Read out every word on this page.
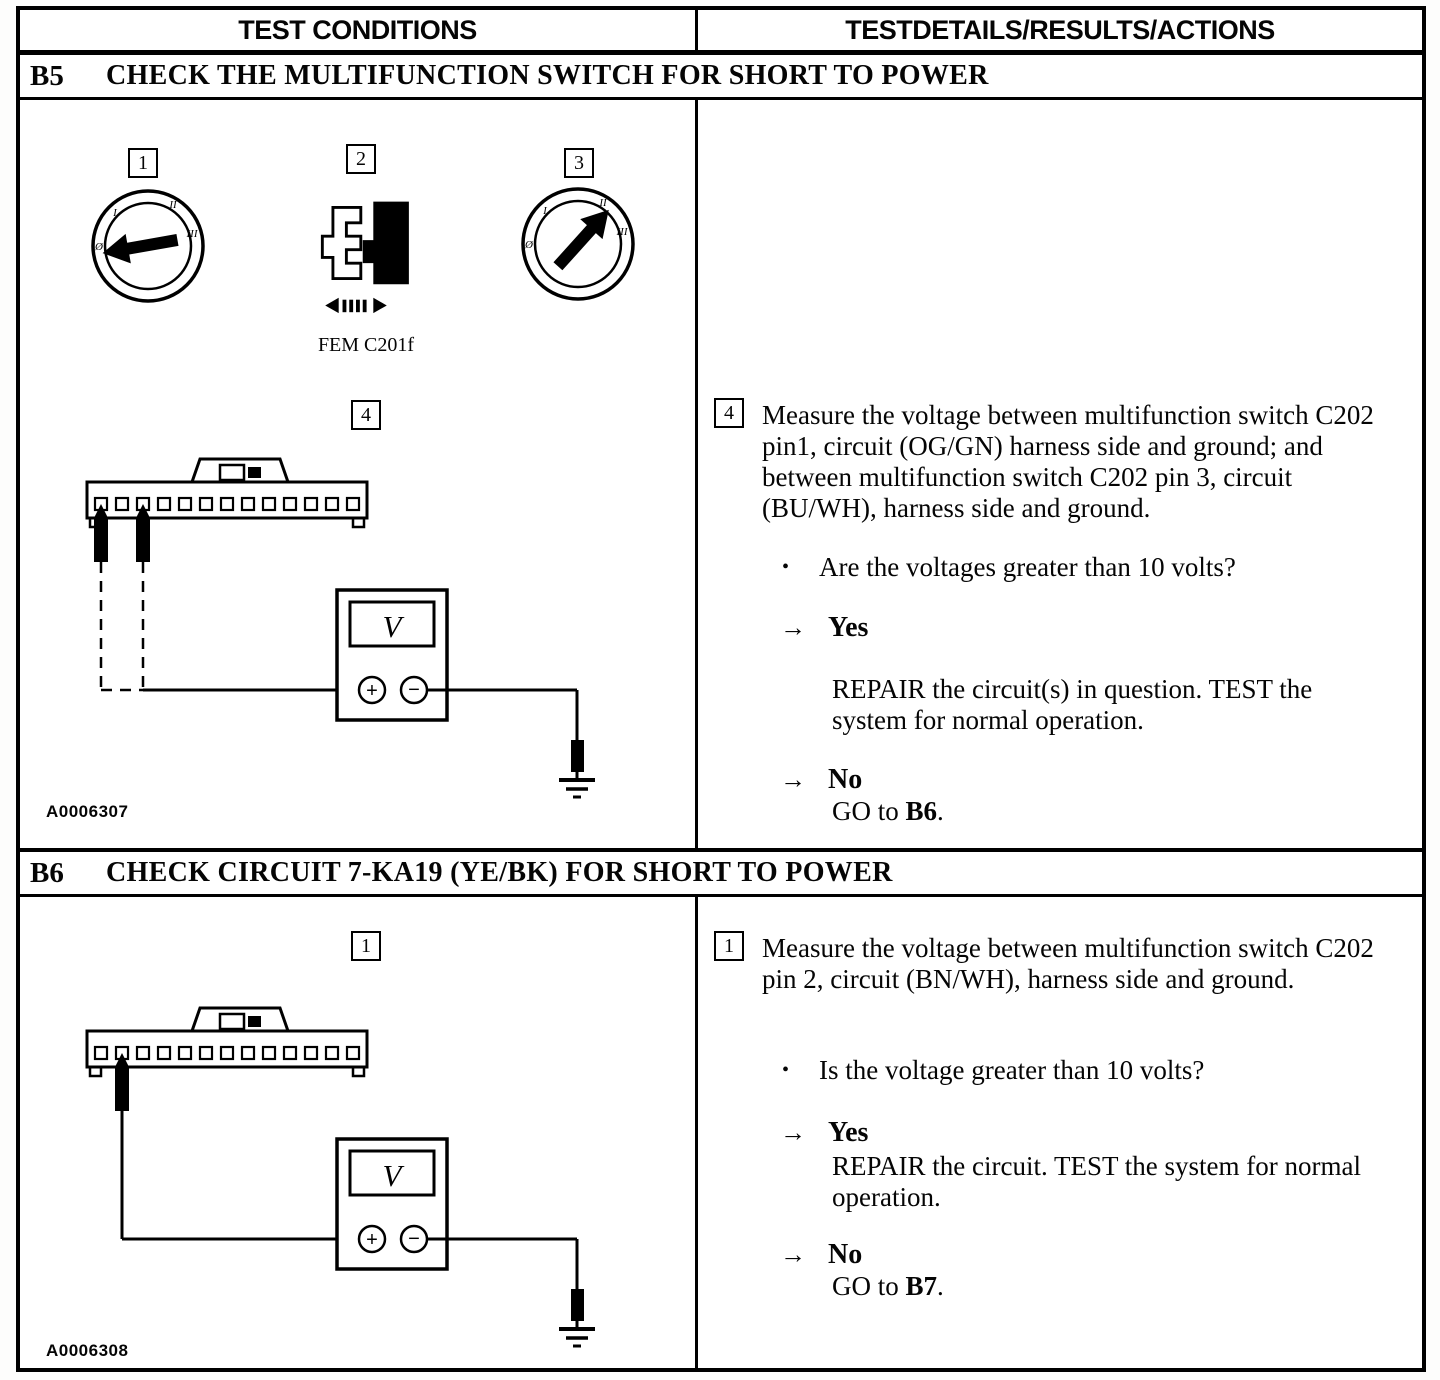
TEST CONDITIONS	TESTDETAILS/RESULTS/ACTIONS
B5	CHECK THE MULTIFUNCTION SWITCH FOR SHORT TO POWER
1	2	3
Ø
I
II
III
Ø
I
II
III
FEM C201f
4
V
+ −
A0006307
4 Measure the voltage between multifunction switch C202 pin1, circuit (OG/GN) harness side and ground; and between multifunction switch C202 pin 3, circuit (BU/WH), harness side and ground.

• Are the voltages greater than 10 volts?
→ Yes

REPAIR the circuit(s) in question. TEST the system for normal operation.

→ No

GO to B6.

B6	CHECK CIRCUIT 7-KA19 (YE/BK) FOR SHORT TO POWER
1
V
+ −
A0006308
1 Measure the voltage between multifunction switch C202 pin 2, circuit (BN/WH), harness side and ground.

• Is the voltage greater than 10 volts?
→ Yes

REPAIR the circuit. TEST the system for normal operation.

→ No

GO to B7.
